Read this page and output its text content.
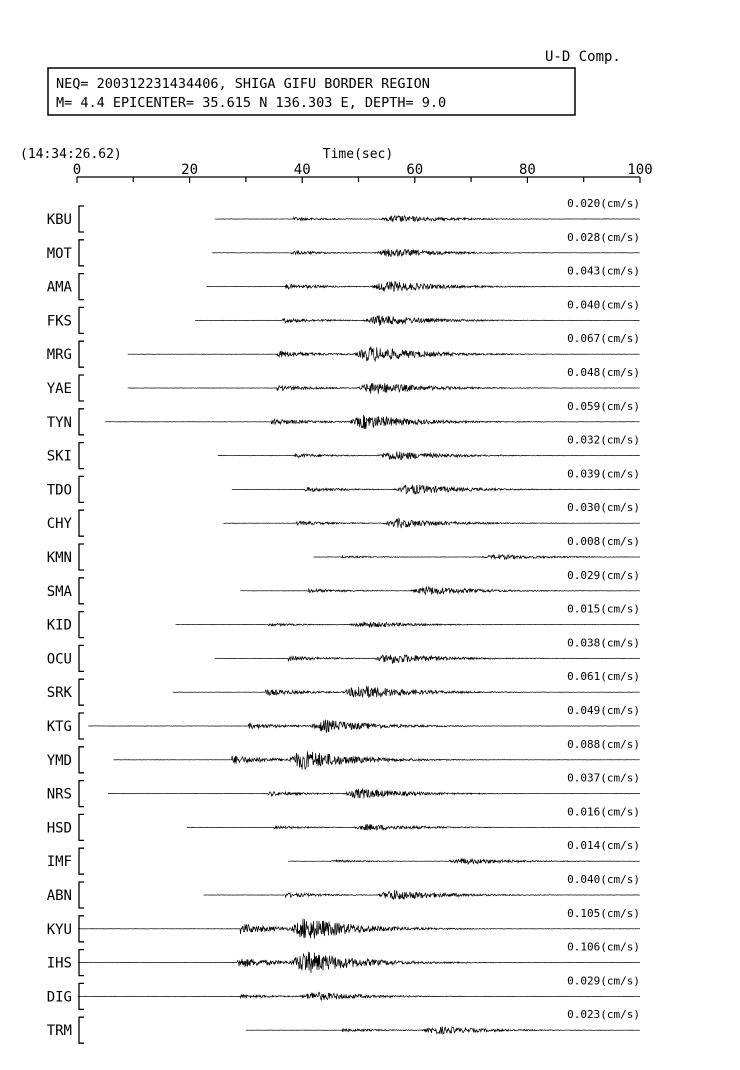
U-D Comp.
NEQ= 200312231434406, SHIGA GIFU BORDER REGION
M= 4.4 EPICENTER= 35.615 N 136.303 E, DEPTH= 9.0
(14:34:26.62)	Time(sec)
0	20	40	60	80	100
KBU
0.020(cm/s)
MOT
0.028(cm/s)
AMA
0.043(cm/s)
FKS
0.040(cm/s)
MRG
0.067(cm/s)
YAE
0.048(cm/s)
TYN
0.059(cm/s)
SKI
0.032(cm/s)
TDO
0.039(cm/s)
CHY
0.030(cm/s)
KMN
0.008(cm/s)
SMA
0.029(cm/s)
KID
0.015(cm/s)
OCU
0.038(cm/s)
SRK
0.061(cm/s)
KTG
0.049(cm/s)
YMD
0.088(cm/s)
NRS
0.037(cm/s)
HSD
0.016(cm/s)
IMF
0.014(cm/s)
ABN
0.040(cm/s)
KYU
0.105(cm/s)
IHS
0.106(cm/s)
DIG
0.029(cm/s)
TRM
0.023(cm/s)
